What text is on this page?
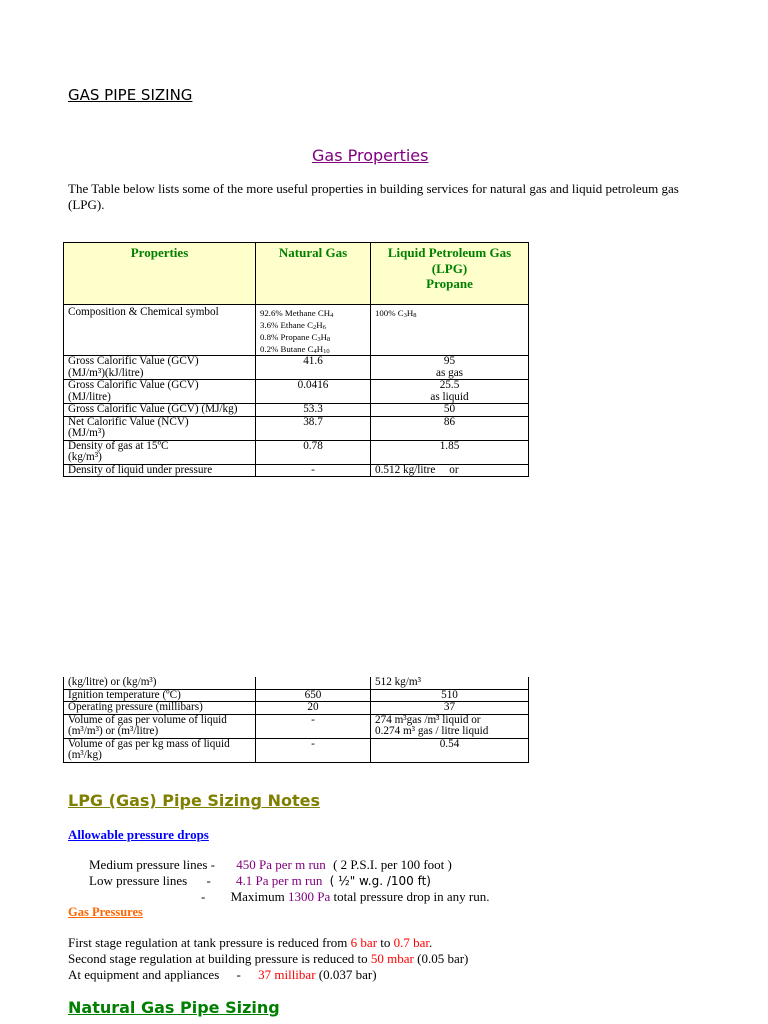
GAS PIPE SIZING
Gas Properties
The Table below lists some of the more useful properties in building services for natural gas and liquid petroleum gas (LPG).
Properties	Natural Gas	Liquid Petroleum Gas
(LPG)
Propane
Composition & Chemical symbol	92.6% Methane $CH_4$
3.6% Ethane $C_2H_6$
0.8% Propane $C_3H_8$
0.2% Butane $C_4H_{10}$	100% $C_3H_8$
Gross Calorific Value (GCV)
(MJ/m³)(kJ/litre)	41.6	95
as gas
Gross Calorific Value (GCV)
(MJ/litre)	0.0416	25.5
as liquid
Gross Calorific Value (GCV) (MJ/kg)	53.3	50
Net Calorific Value (NCV)
(MJ/m³)	38.7	86
Density of gas at 15ºC
(kg/m³)	0.78	1.85
Density of liquid under pressure	-	0.512 kg/litre     or
(kg/litre) or (kg/m³)		512 kg/m³
Ignition temperature (ºC)	650	510
Operating pressure (millibars)	20	37
Volume of gas per volume of liquid
(m³/m³) or (m³/litre)	-	274 m³gas /m³ liquid or
0.274 m³ gas / litre liquid
Volume of gas per kg mass of liquid
(m³/kg)	-	0.54
LPG (Gas) Pipe Sizing Notes
Allowable pressure drops
Medium pressure lines - 450 Pa per m run ( 2 P.S.I. per 100 foot )
Low pressure lines - 4.1 Pa per m run ( ½" w.g. /100 ft)
- Maximum 1300 Pa total pressure drop in any run.
Gas Pressures
First stage regulation at tank pressure is reduced from 6 bar to 0.7 bar.
Second stage regulation at building pressure is reduced to 50 mbar (0.05 bar)
At equipment and appliances - 37 millibar (0.037 bar)
Natural Gas Pipe Sizing
